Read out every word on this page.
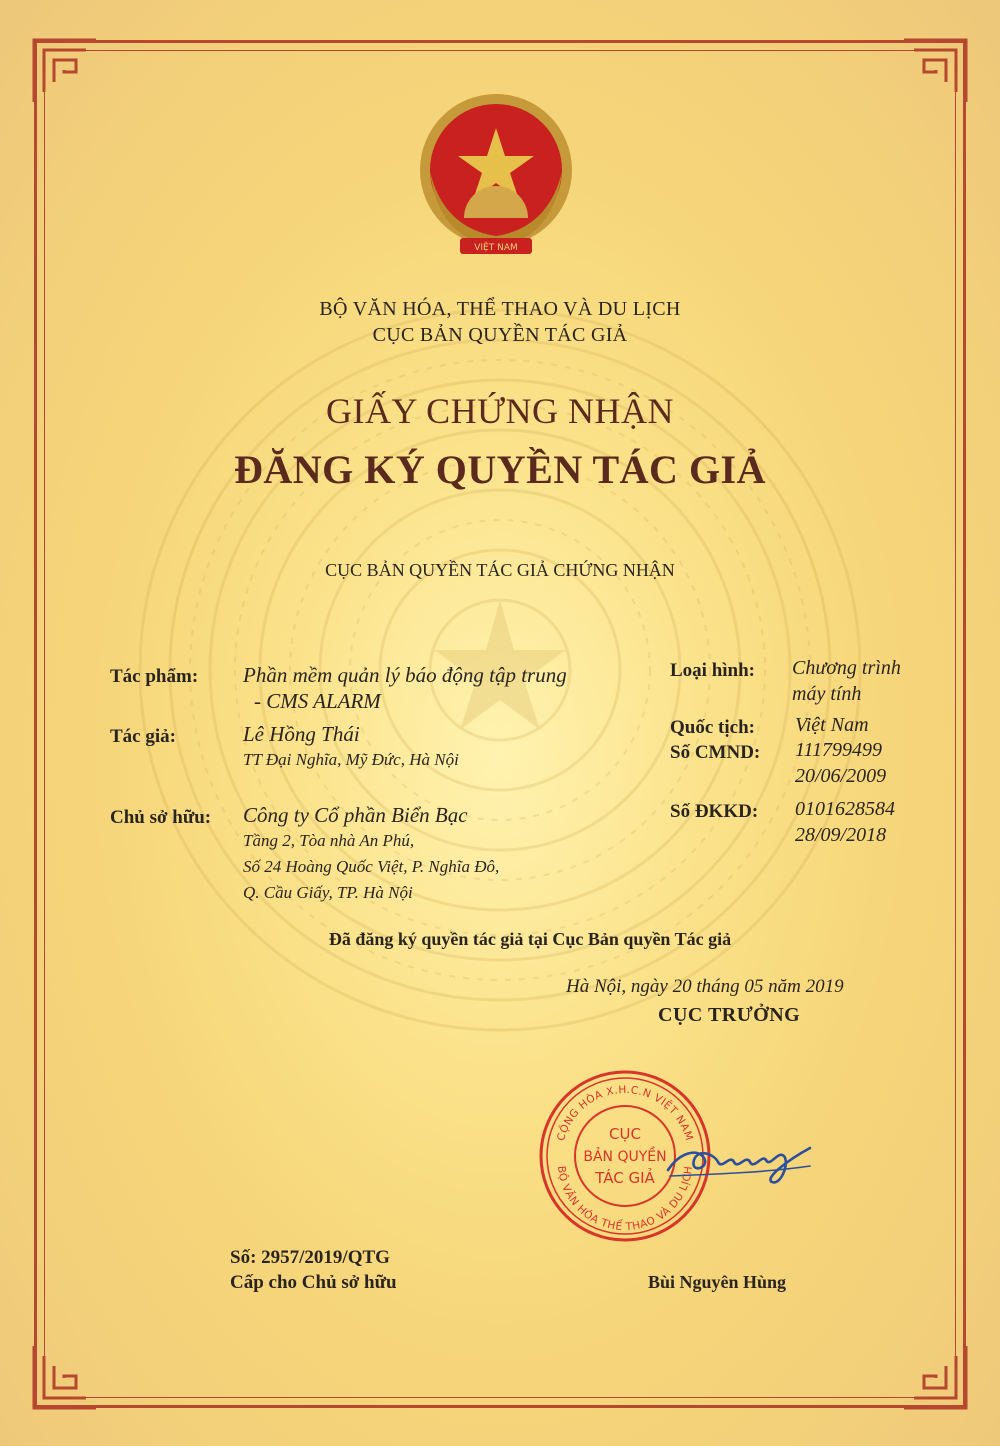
VIỆT NAM
BỘ VĂN HÓA, THỂ THAO VÀ DU LỊCH
CỤC BẢN QUYỀN TÁC GIẢ
GIẤY CHỨNG NHẬN
ĐĂNG KÝ QUYỀN TÁC GIẢ
CỤC BẢN QUYỀN TÁC GIẢ CHỨNG NHẬN
Tác phẩm: Phần mềm quản lý báo động tập trung
- CMS ALARM
Tác giả:	Lê Hồng Thái
TT Đại Nghĩa, Mỹ Đức, Hà Nội
Chủ sở hữu: Công ty Cổ phần Biển Bạc
Tầng 2, Tòa nhà An Phú,
Số 24 Hoàng Quốc Việt, P. Nghĩa Đô,
Q. Cầu Giấy, TP. Hà Nội
Loại hình: Chương trình
máy tính
Quốc tịch: Việt Nam
Số CMND: 111799499
20/06/2009
Số ĐKKD: 0101628584
28/09/2018
Đã đăng ký quyền tác giả tại Cục Bản quyền Tác giả
Hà Nội, ngày 20 tháng 05 năm 2019
CỤC TRƯỞNG
CỘNG HÒA X.H.C.N VIỆT NAM
BỘ VĂN HÓA THỂ THAO VÀ DU LỊCH
CỤC
BẢN QUYỀN
TÁC GIẢ
Số: 2957/2019/QTG
Cấp cho Chủ sở hữu	Bùi Nguyên Hùng
